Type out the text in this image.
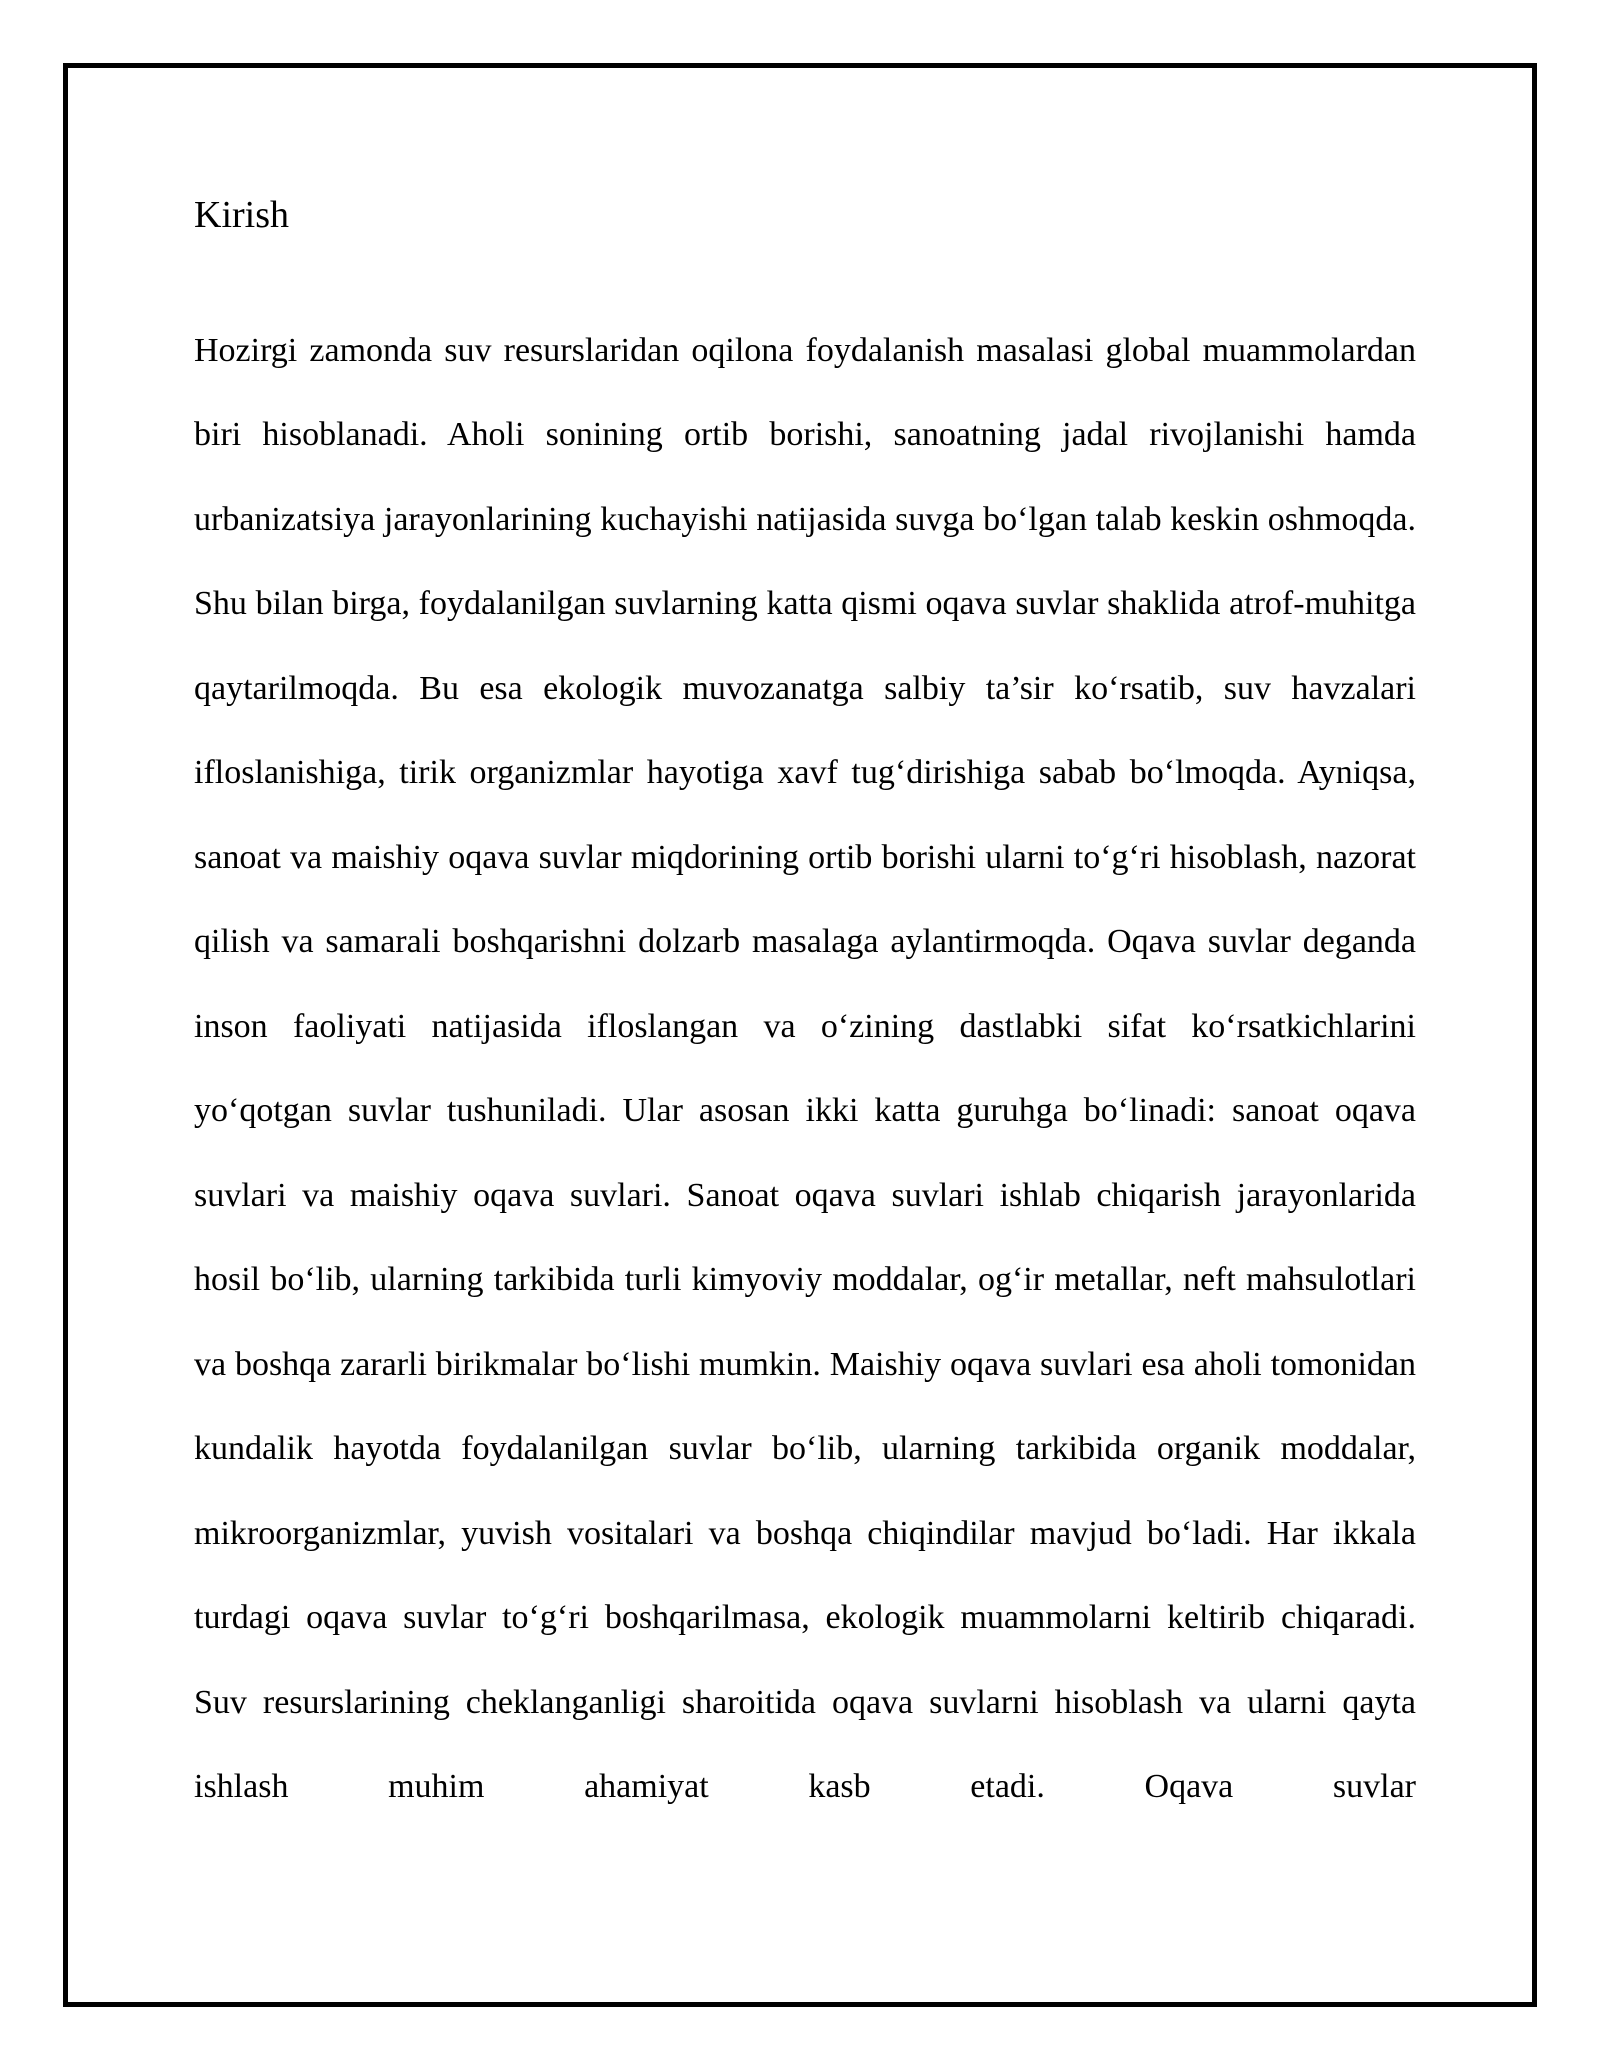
Kirish

Hozirgi zamonda suv resurslaridan oqilona foydalanish masalasi global muammolardan biri hisoblanadi. Aholi sonining ortib borishi, sanoatning jadal rivojlanishi hamda urbanizatsiya jarayonlarining kuchayishi natijasida suvga bo‘lgan talab keskin oshmoqda. Shu bilan birga, foydalanilgan suvlarning katta qismi oqava suvlar shaklida atrof-muhitga qaytarilmoqda. Bu esa ekologik muvozanatga salbiy ta’sir ko‘rsatib, suv havzalari ifloslanishiga, tirik organizmlar hayotiga xavf tug‘dirishiga sabab bo‘lmoqda. Ayniqsa, sanoat va maishiy oqava suvlar miqdorining ortib borishi ularni to‘g‘ri hisoblash, nazorat qilish va samarali boshqarishni dolzarb masalaga aylantirmoqda. Oqava suvlar deganda inson faoliyati natijasida ifloslangan va o‘zining dastlabki sifat ko‘rsatkichlarini yo‘qotgan suvlar tushuniladi. Ular asosan ikki katta guruhga bo‘linadi: sanoat oqava suvlari va maishiy oqava suvlari. Sanoat oqava suvlari ishlab chiqarish jarayonlarida hosil bo‘lib, ularning tarkibida turli kimyoviy moddalar, og‘ir metallar, neft mahsulotlari va boshqa zararli birikmalar bo‘lishi mumkin. Maishiy oqava suvlari esa aholi tomonidan kundalik hayotda foydalanilgan suvlar bo‘lib, ularning tarkibida organik moddalar, mikroorganizmlar, yuvish vositalari va boshqa chiqindilar mavjud bo‘ladi. Har ikkala turdagi oqava suvlar to‘g‘ri boshqarilmasa, ekologik muammolarni keltirib chiqaradi. Suv resurslarining cheklanganligi sharoitida oqava suvlarni hisoblash va ularni qayta ishlash muhim ahamiyat kasb etadi. Oqava suvlar
